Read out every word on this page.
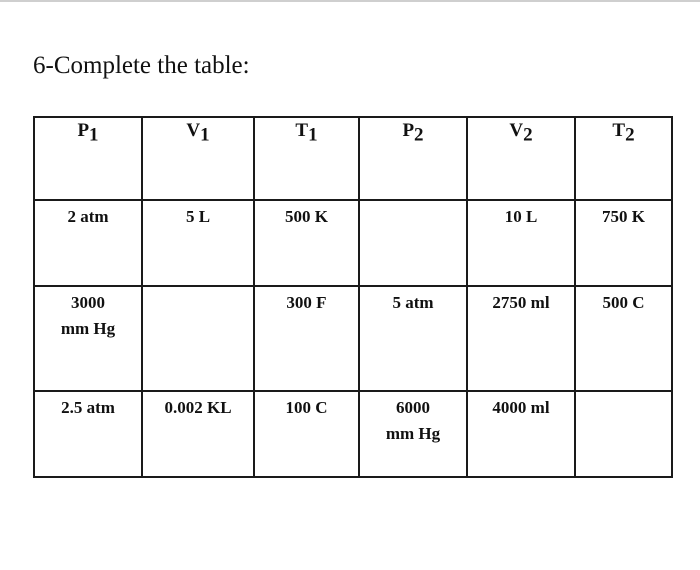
6-Complete the table:
$P_1$	$V_1$	$T_1$	$P_2$	$V_2$	$T_2$
2 atm	5 L	500 K		10 L	750 K
3000
mm Hg		300 F	5 atm	2750 ml	500 C
2.5 atm	0.002 KL	100 C	6000
mm Hg	4000 ml	
